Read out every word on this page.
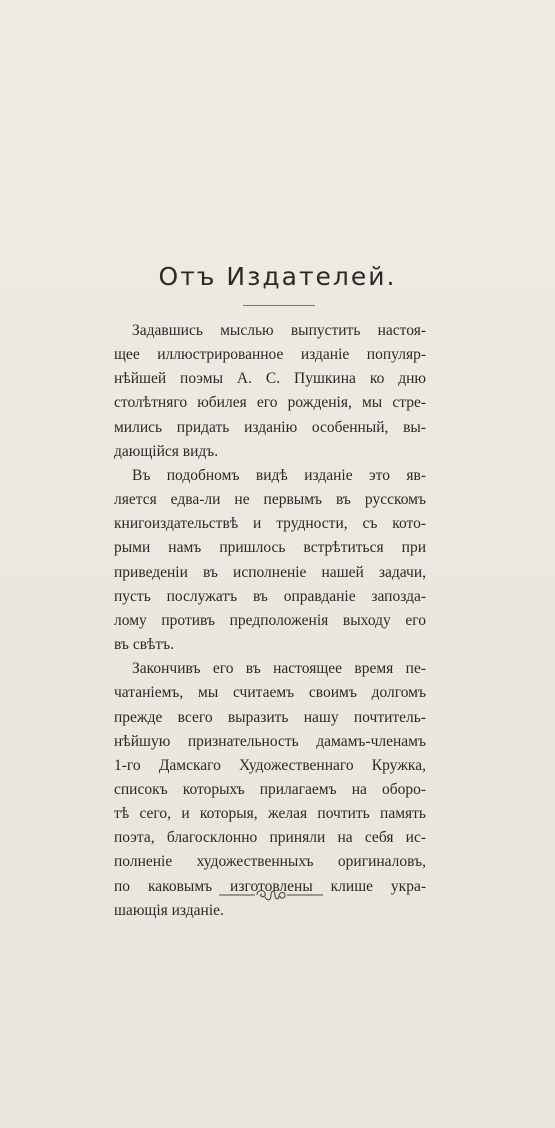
Отъ Издателей.

Задавшись мыслью выпустить настоя-
щее иллюстрированное изданіе популяр-
нѣйшей поэмы А. С. Пушкина ко дню
столѣтняго юбилея его рожденія, мы стре-
мились придать изданію особенный, вы-
дающійся видъ.

Въ подобномъ видѣ изданіе это яв-
ляется едва-ли не первымъ въ русскомъ
книгоиздательствѣ и трудности, съ кото-
рыми намъ пришлось встрѣтиться при
приведеніи въ исполненіе нашей задачи,
пусть послужатъ въ оправданіе запозда-
лому противъ предположенія выходу его
въ свѣтъ.

Закончивъ его въ настоящее время пе-
чатаніемъ, мы считаемъ своимъ долгомъ
прежде всего выразить нашу почтитель-
нѣйшую признательность дамамъ-членамъ
1-го Дамскаго Художественнаго Кружка,
списокъ которыхъ прилагаемъ на оборо-
тѣ сего, и которыя, желая почтить память
поэта, благосклонно приняли на себя ис-
полненіе художественныхъ оригиналовъ,
по каковымъ изготовлены клише укра-
шающія изданіе.
